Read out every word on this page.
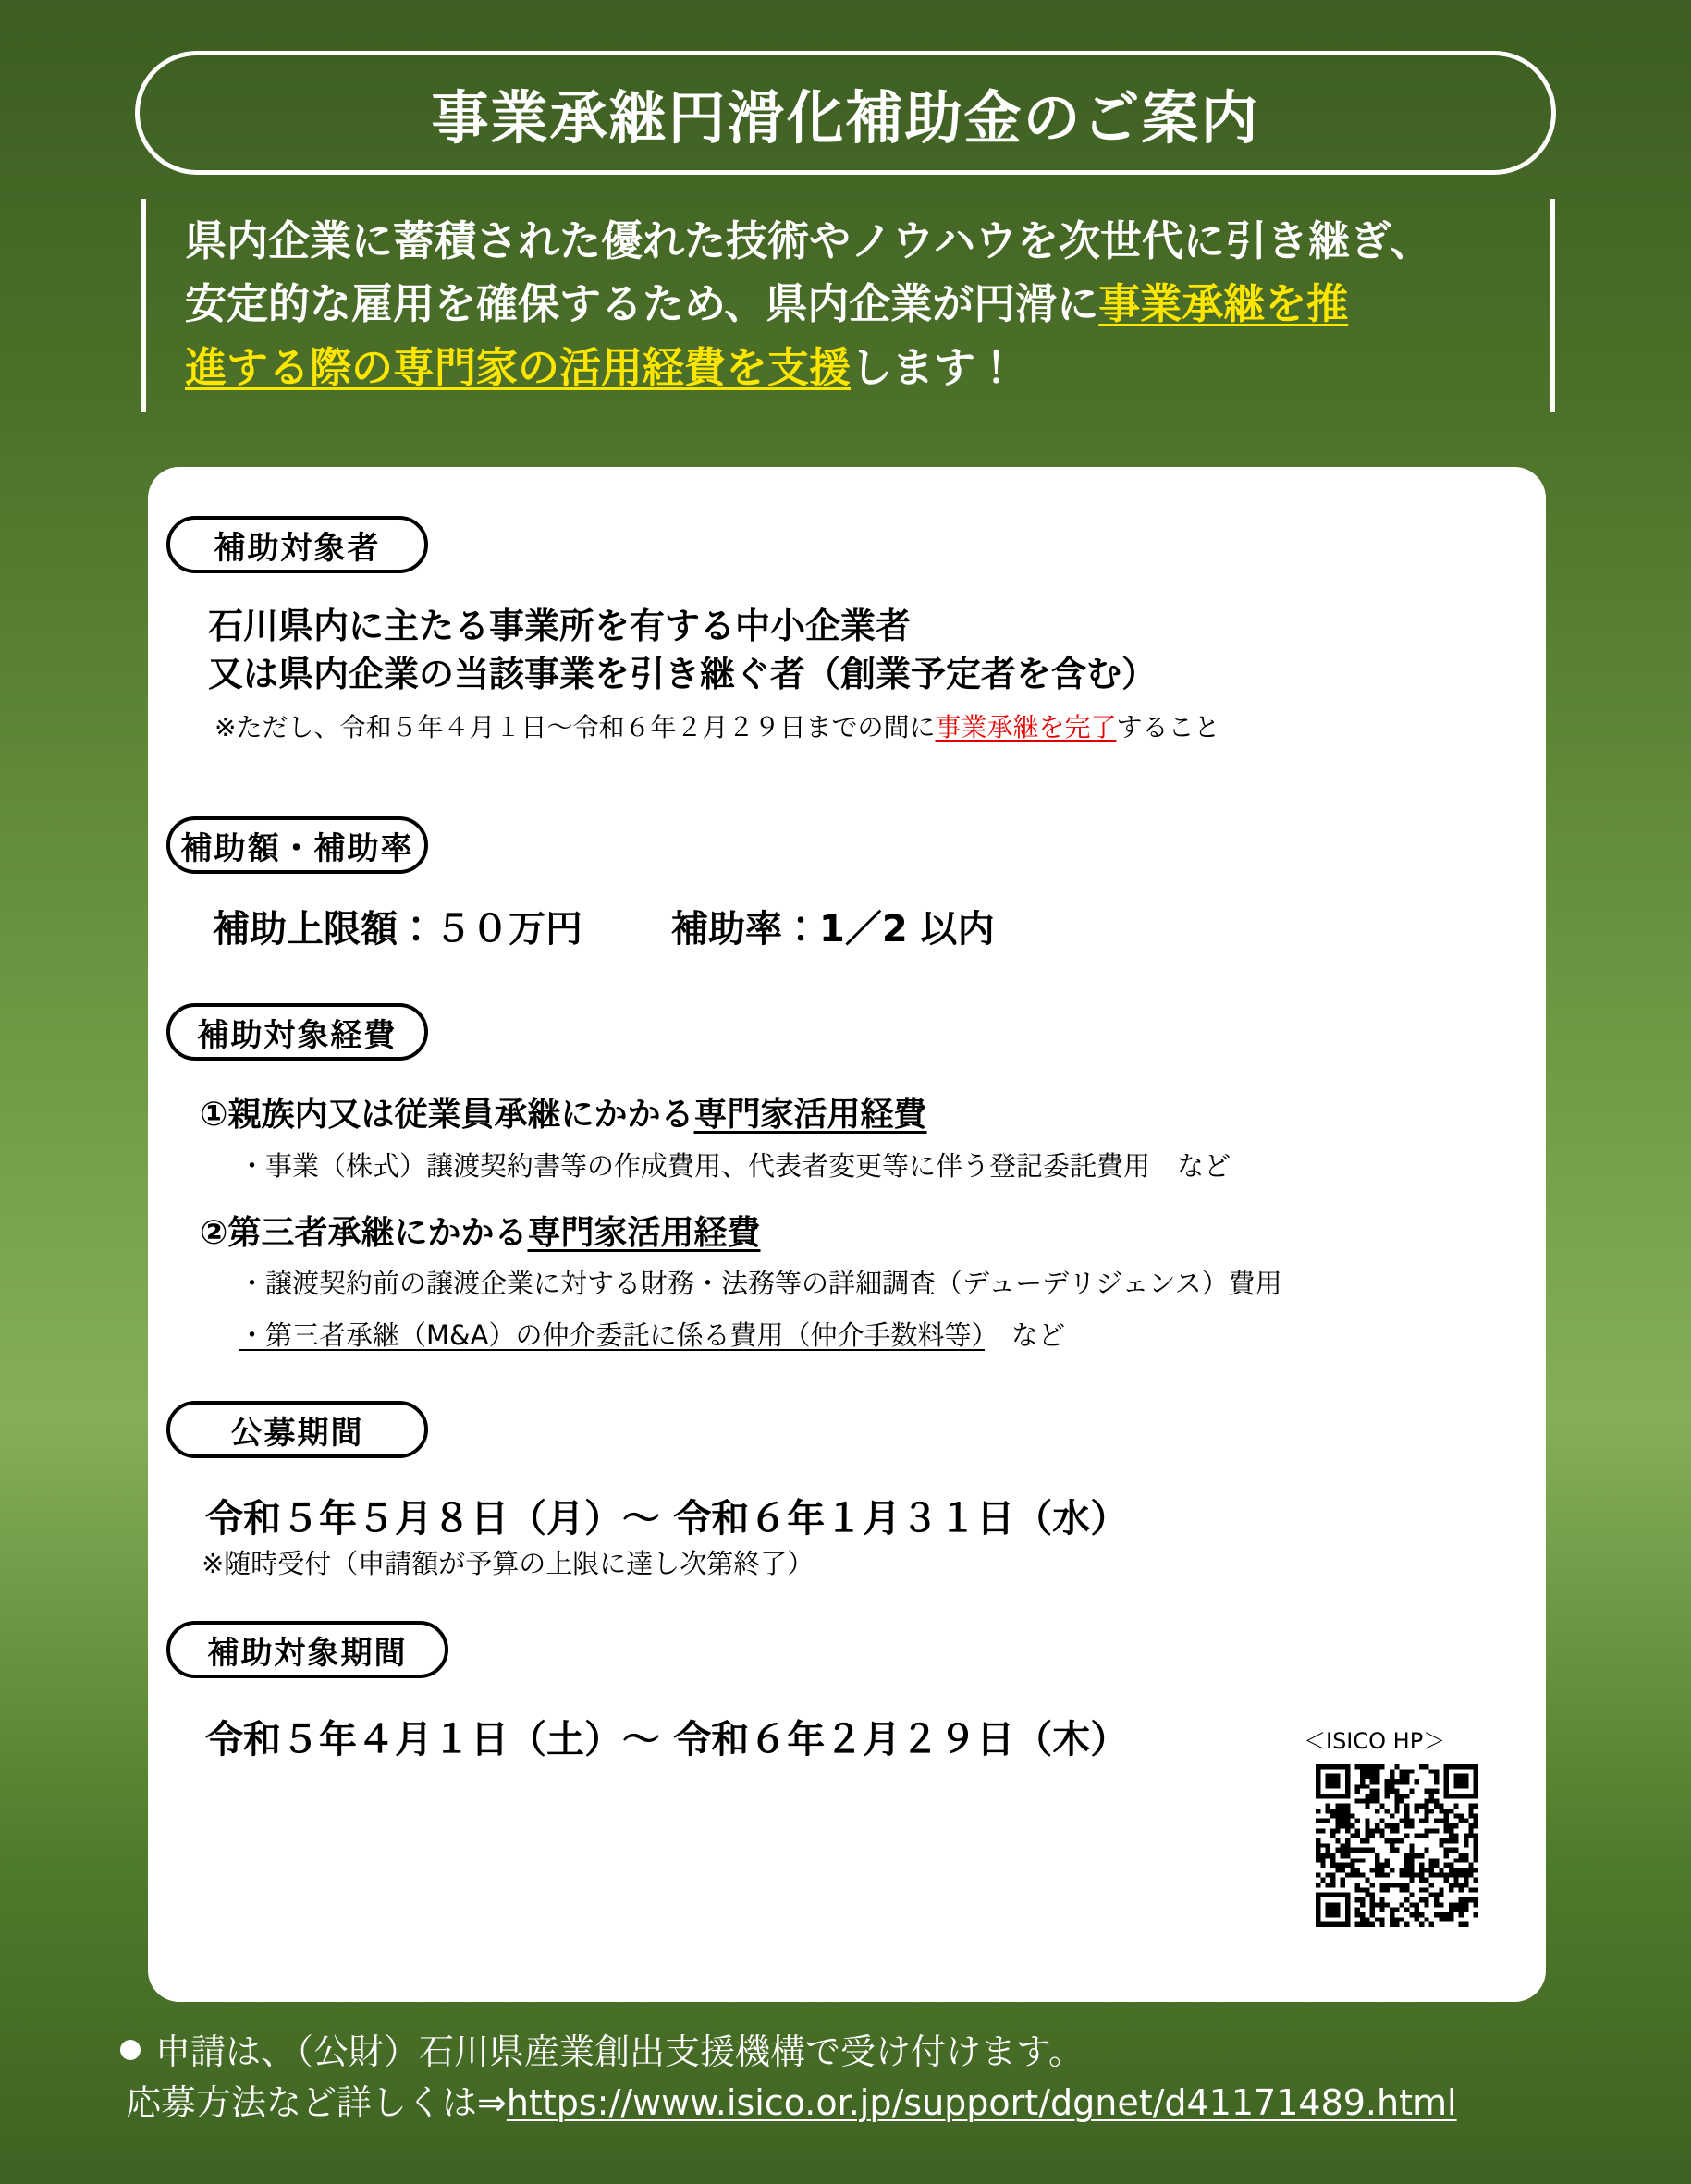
事業承継円滑化補助金のご案内
県内企業に蓄積された優れた技術やノウハウを次世代に引き継ぎ、
安定的な雇用を確保するため、県内企業が円滑に事業承継を推
進する際の専門家の活用経費を支援します！
補助対象者
石川県内に主たる事業所を有する中小企業者
又は県内企業の当該事業を引き継ぐ者（創業予定者を含む）
※ただし、令和５年４月１日～令和６年２月２９日までの間に事業承継を完了すること
補助額・補助率
補助上限額：５０万円 補助率：1／2 以内
補助対象経費
①親族内又は従業員承継にかかる専門家活用経費
・事業（株式）譲渡契約書等の作成費用、代表者変更等に伴う登記委託費用　など
②第三者承継にかかる専門家活用経費
・譲渡契約前の譲渡企業に対する財務・法務等の詳細調査（デューデリジェンス）費用
・第三者承継（M&A）の仲介委託に係る費用（仲介手数料等）　など
公募期間
令和５年５月８日（月）～ 令和６年１月３１日（水）
※随時受付（申請額が予算の上限に達し次第終了）
補助対象期間
令和５年４月１日（土）～ 令和６年２月２９日（木）	＜ISICO HP＞
申請は、（公財）石川県産業創出支援機構で受け付けます。
応募方法など詳しくは⇒https://www.isico.or.jp/support/dgnet/d41171489.html
